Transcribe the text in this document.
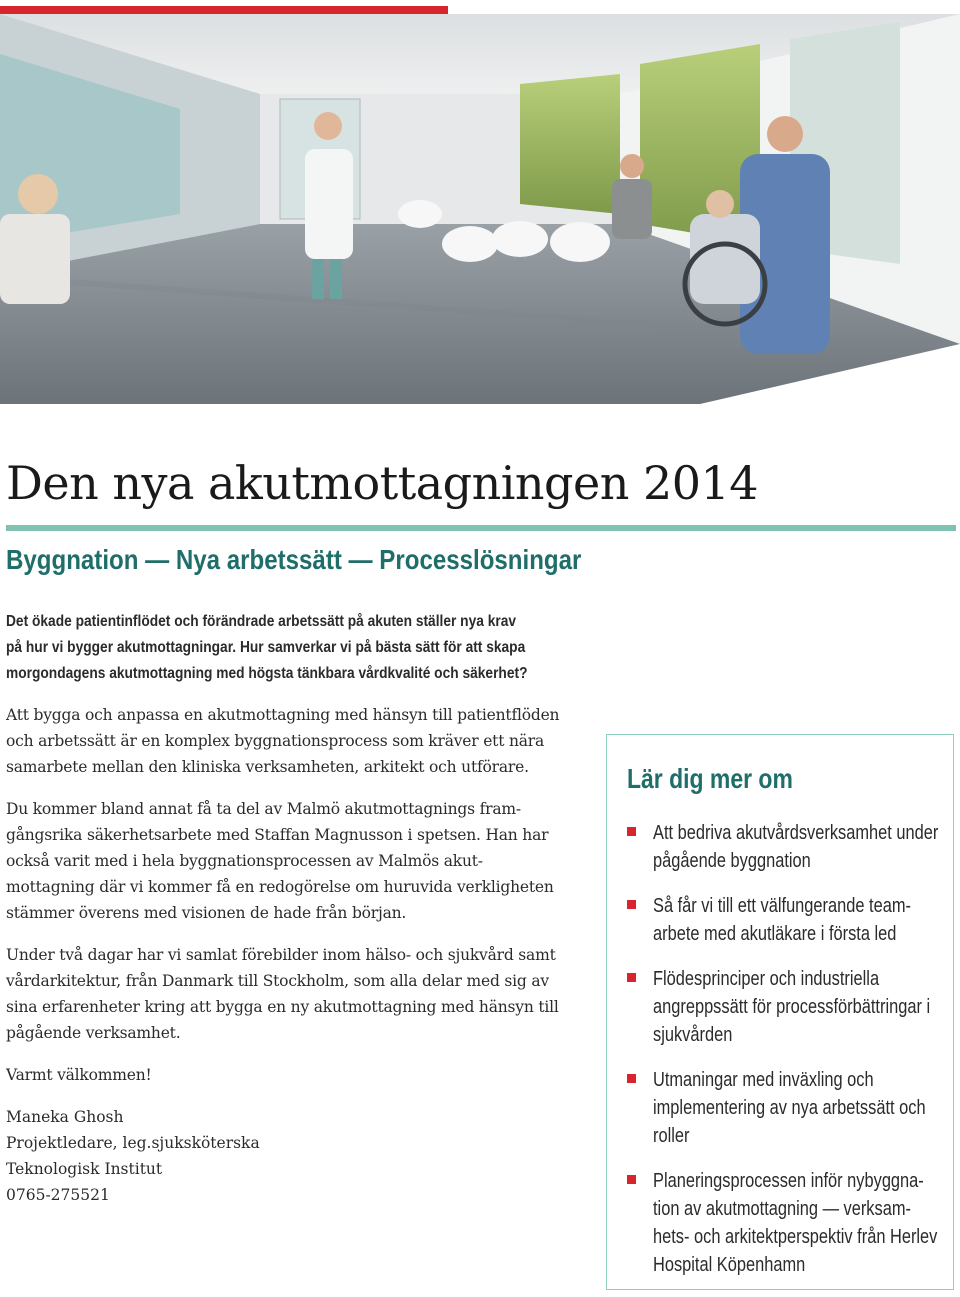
Den nya akutmottagningen 2014
Byggnation — Nya arbetssätt — Processlösningar

Det ökade patientinflödet och förändrade arbetssätt på akuten ställer nya krav
på hur vi bygger akutmottagningar. Hur samverkar vi på bästa sätt för att skapa
morgondagens akutmottagning med högsta tänkbara vårdkvalité och säkerhet?

Att bygga och anpassa en akutmottagning med hänsyn till patientflöden och arbetssätt är en komplex byggnationsprocess som kräver ett nära samarbete mellan den kliniska verksamheten, arkitekt och utförare.

Du kommer bland annat få ta del av Malmö akutmottagnings framgångsrika säkerhetsarbete med Staffan Magnusson i spetsen. Han har också varit med i hela byggnationsprocessen av Malmös akutmottagning där vi kommer få en redogörelse om huruvida verkligheten stämmer överens med visionen de hade från början.

Under två dagar har vi samlat förebilder inom hälso- och sjukvård samt vårdarkitektur, från Danmark till Stockholm, som alla delar med sig av sina erfarenheter kring att bygga en ny akutmottagning med hänsyn till pågående verksamhet.

Varmt välkommen!

Maneka Ghosh
Projektledare, leg.sjuksköterska
Teknologisk Institut
0765-275521
Lär dig mer om
Att bedriva akutvårdsverksamhet under pågående byggnation
Så får vi till ett välfungerande teamarbete med akutläkare i första led
Flödesprinciper och industriella angreppssätt för processförbättringar i sjukvården
Utmaningar med inväxling och implementering av nya arbetssätt och roller
Planeringsprocessen inför nybyggnation av akutmottagning — verksamhets- och arkitektperspektiv från Herlev Hospital Köpenhamn
